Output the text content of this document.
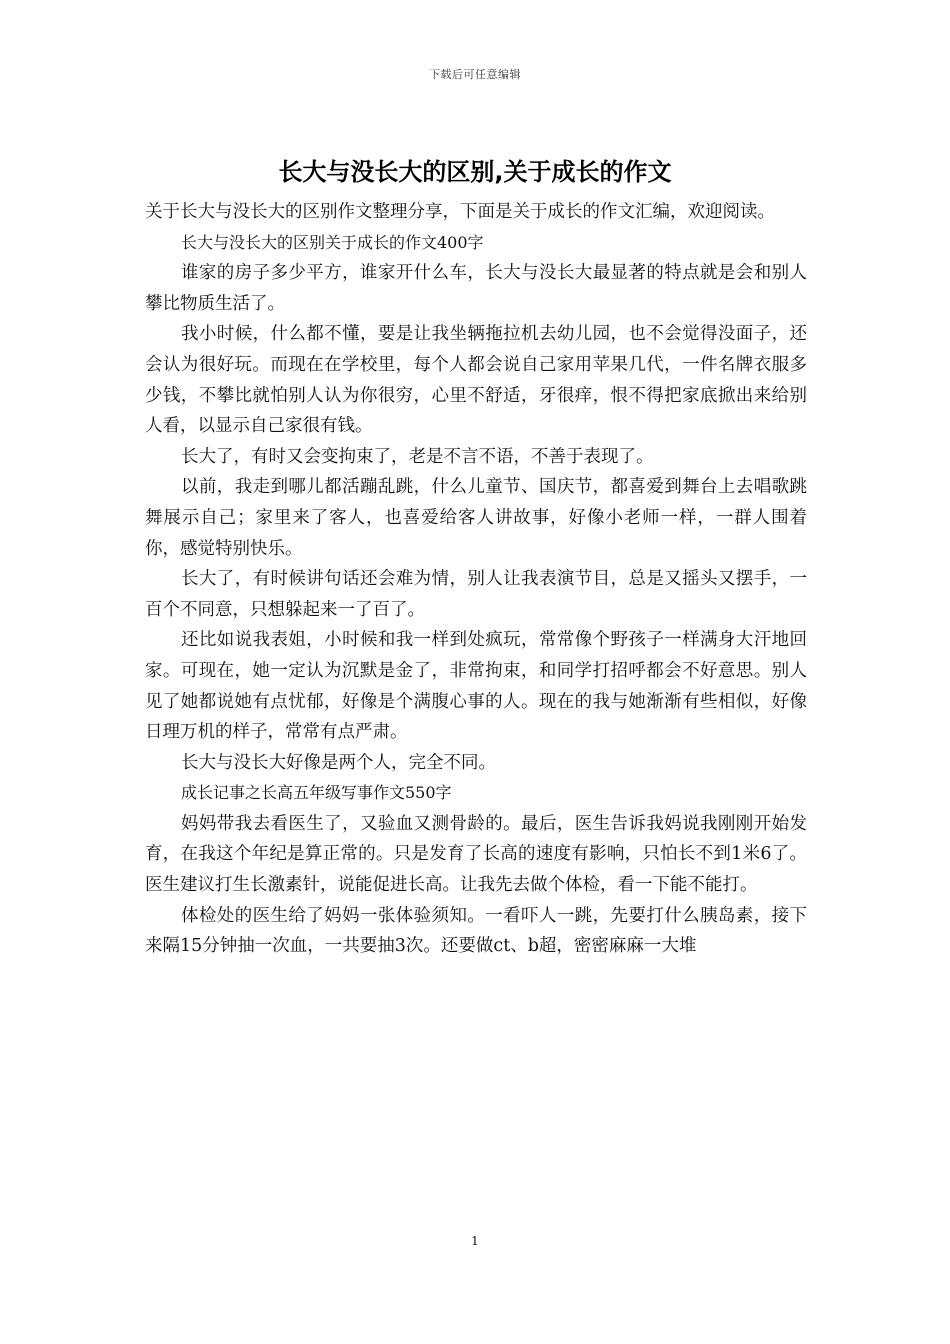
下载后可任意编辑
长大与没长大的区别,关于成长的作文

关于长大与没长大的区别作文整理分享，下面是关于成长的作文汇编，欢迎阅读。

长大与没长大的区别关于成长的作文400字

谁家的房子多少平方，谁家开什么车，长大与没长大最显著的特点就是会和别人攀比物质生活了。

我小时候，什么都不懂，要是让我坐辆拖拉机去幼儿园，也不会觉得没面子，还会认为很好玩。而现在在学校里，每个人都会说自己家用苹果几代，一件名牌衣服多少钱，不攀比就怕别人认为你很穷，心里不舒适，牙很痒，恨不得把家底掀出来给别人看，以显示自己家很有钱。

长大了，有时又会变拘束了，老是不言不语，不善于表现了。

以前，我走到哪儿都活蹦乱跳，什么儿童节、国庆节，都喜爱到舞台上去唱歌跳舞展示自己；家里来了客人，也喜爱给客人讲故事，好像小老师一样，一群人围着你，感觉特别快乐。

长大了，有时候讲句话还会难为情，别人让我表演节目，总是又摇头又摆手，一百个不同意，只想躲起来一了百了。

还比如说我表姐，小时候和我一样到处疯玩，常常像个野孩子一样满身大汗地回家。可现在，她一定认为沉默是金了，非常拘束，和同学打招呼都会不好意思。别人见了她都说她有点忧郁，好像是个满腹心事的人。现在的我与她渐渐有些相似，好像日理万机的样子，常常有点严肃。

长大与没长大好像是两个人，完全不同。

成长记事之长高五年级写事作文550字

妈妈带我去看医生了，又验血又测骨龄的。最后，医生告诉我妈说我刚刚开始发育，在我这个年纪是算正常的。只是发育了长高的速度有影响，只怕长不到1米6了。医生建议打生长激素针，说能促进长高。让我先去做个体检，看一下能不能打。

体检处的医生给了妈妈一张体验须知。一看吓人一跳，先要打什么胰岛素，接下来隔15分钟抽一次血，一共要抽3次。还要做ct、b超，密密麻麻一大堆

1
